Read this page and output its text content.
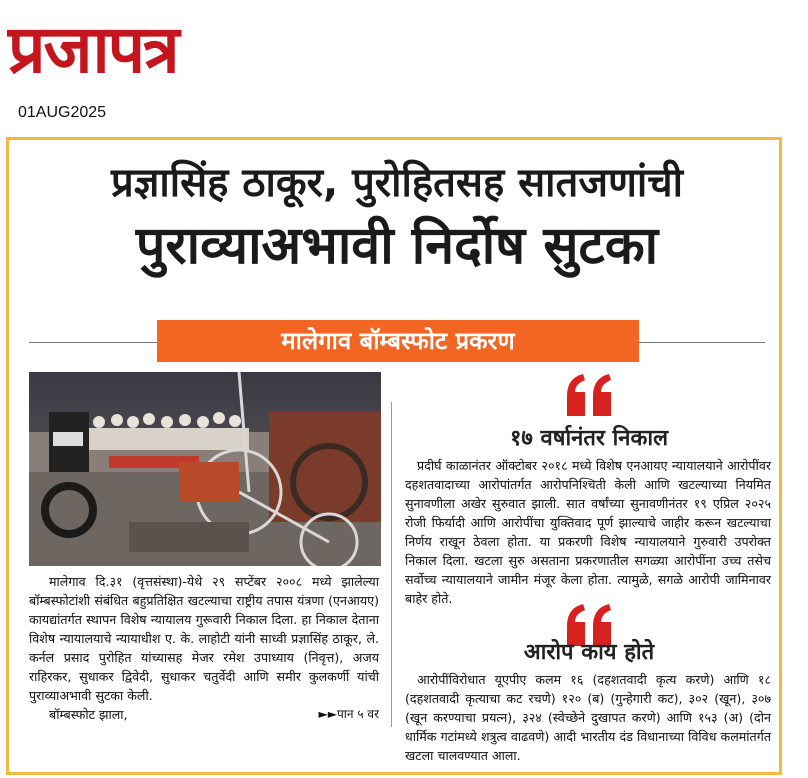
प्रजापत्र
01AUG2025
प्रज्ञासिंह ठाकूर, पुरोहितसह सातजणांची
पुराव्याअभावी निर्दोष सुटका
मालेगाव बॉम्बस्फोट प्रकरण

मालेगाव दि.३१ (वृत्तसंस्था)-येथे २९ सप्टेंबर २००८ मध्ये झालेल्या बॉम्बस्फोटांशी संबंधित बहुप्रतिक्षित खटल्याचा राष्ट्रीय तपास यंत्रणा (एनआयए) कायद्यांतर्गत स्थापन विशेष न्यायालय गुरूवारी निकाल दिला. हा निकाल देताना विशेष न्यायालयाचे न्यायाधीश ए. के. लाहोटी यांनी साध्वी प्रज्ञासिंह ठाकूर, ले. कर्नल प्रसाद पुरोहित यांच्यासह मेजर रमेश उपाध्याय (निवृत्त), अजय राहिरकर, सुधाकर द्विवेदी, सुधाकर चतुर्वेदी आणि समीर कुलकर्णी यांची पुराव्याअभावी सुटका केली.

बॉम्बस्फोट झाला,	►►पान ५ वर
१७ वर्षानंतर निकाल

प्रदीर्घ काळानंतर ऑक्टोबर २०१८ मध्ये विशेष एनआयए न्यायालयाने आरोपींवर दहशतवादाच्या आरोपांतर्गत आरोपनिश्चिती केली आणि खटल्याच्या नियमित सुनावणीला अखेर सुरुवात झाली. सात वर्षांच्या सुनावणीनंतर १९ एप्रिल २०२५ रोजी फिर्यादी आणि आरोपींचा युक्तिवाद पूर्ण झाल्याचे जाहीर करून खटल्याचा निर्णय राखून ठेवला होता. या प्रकरणी विशेष न्यायालयाने गुरुवारी उपरोक्त निकाल दिला. खटला सुरु असताना प्रकरणातील सगळ्या आरोपींना उच्च तसेच सर्वोच्च न्यायालयाने जामीन मंजूर केला होता. त्यामुळे, सगळे आरोपी जामिनावर बाहेर होते.

आरोप काय होते

आरोपींविरोधात यूएपीए कलम १६ (दहशतवादी कृत्य करणे) आणि १८ (दहशतवादी कृत्याचा कट रचणे) १२० (ब) (गुन्हेगारी कट), ३०२ (खून), ३०७ (खून करण्याचा प्रयत्न), ३२४ (स्वेच्छेने दुखापत करणे) आणि १५३ (अ) (दोन धार्मिक गटांमध्ये शत्रुत्व वाढवणे) आदी भारतीय दंड विधानाच्या विविध कलमांतर्गत खटला चालवण्यात आला.
